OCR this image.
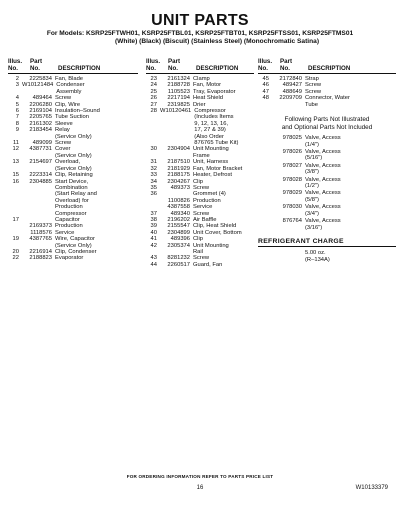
UNIT PARTS
For Models: KSRP25FTWH01, KSRP25FTBL01, KSRP25FTBT01, KSRP25FTSS01, KSRP25FTMS01
(White) (Black) (Biscuit) (Stainless Steel) (Monochromatic Satina)
Illus.
No.
Part
No.	DESCRIPTION
2	2225834 Fan, Blade
3 W10121484 Condenser
Assembly
4	489464 Screw
5	2206280 Clip, Wire
6	2169104 Insulation–Sound
7	2205765 Tube Suction
8	2161302 Sleeve
9	2183454 Relay
(Service Only)
11	489099 Screw
12	4387731 Cover
(Service Only)
13	2154697 Overload,
(Service Only)
15	2223314 Clip, Retaining
16	2304885 Start Device,
Combination
(Start Relay and
Overload) for
Production
Compressor
17	Capacitor
2169373 Production
1118576 Service
19	4387765 Wire, Capacitor
(Service Only)
20	2216914 Clip, Condenser
22	2188823 Evaporator
Illus.
No.
Part
No.	DESCRIPTION
23	2161324 Clamp
24	2188728 Fan, Motor
25	1105523 Tray, Evaporator
26	2217194 Heat Shield
27	2319825 Drier
28 W10120461 Compressor
(Includes Items
9, 12, 13, 16,
17, 27 & 39)
(Also Order
876765 Tube Kit)
30	2304904 Unit Mounting
Frame
31	2187510 Unit, Harness
32	2181929 Fan, Motor Bracket
33	2188175 Heater, Defrost
34	2304267 Clip
35	489373 Screw
36	Grommet (4)
1100826 Production
4387558 Service
37	489340 Screw
38	2196202 Air Baffle
39	2155547 Clip, Heat Shield
40	2304899 Unit Cover, Bottom
41	489396 Clip
42	2305374 Unit Mounting
Rail
43	8281232 Screw
44	2260517 Guard, Fan
Illus.
No.
Part
No.	DESCRIPTION
45	2172840 Strap
46	489427 Screw
47	488649 Screw
48	2209709 Connector, Water
Tube
Following Parts Not Illustrated
and Optional Parts Not Included
978025 Valve, Access
(1/4")
978026 Valve, Access
(5/16")
978027 Valve, Access
(3/8")
978028 Valve, Access
(1/2")
978029 Valve, Access
(5/8")
978030 Valve, Access
(3/4")
876764 Valve, Access
(3/16")
REFRIGERANT CHARGE
5.00 oz.
(R–134A)
FOR ORDERING INFORMATION REFER TO PARTS PRICE LIST
16	W10133379
